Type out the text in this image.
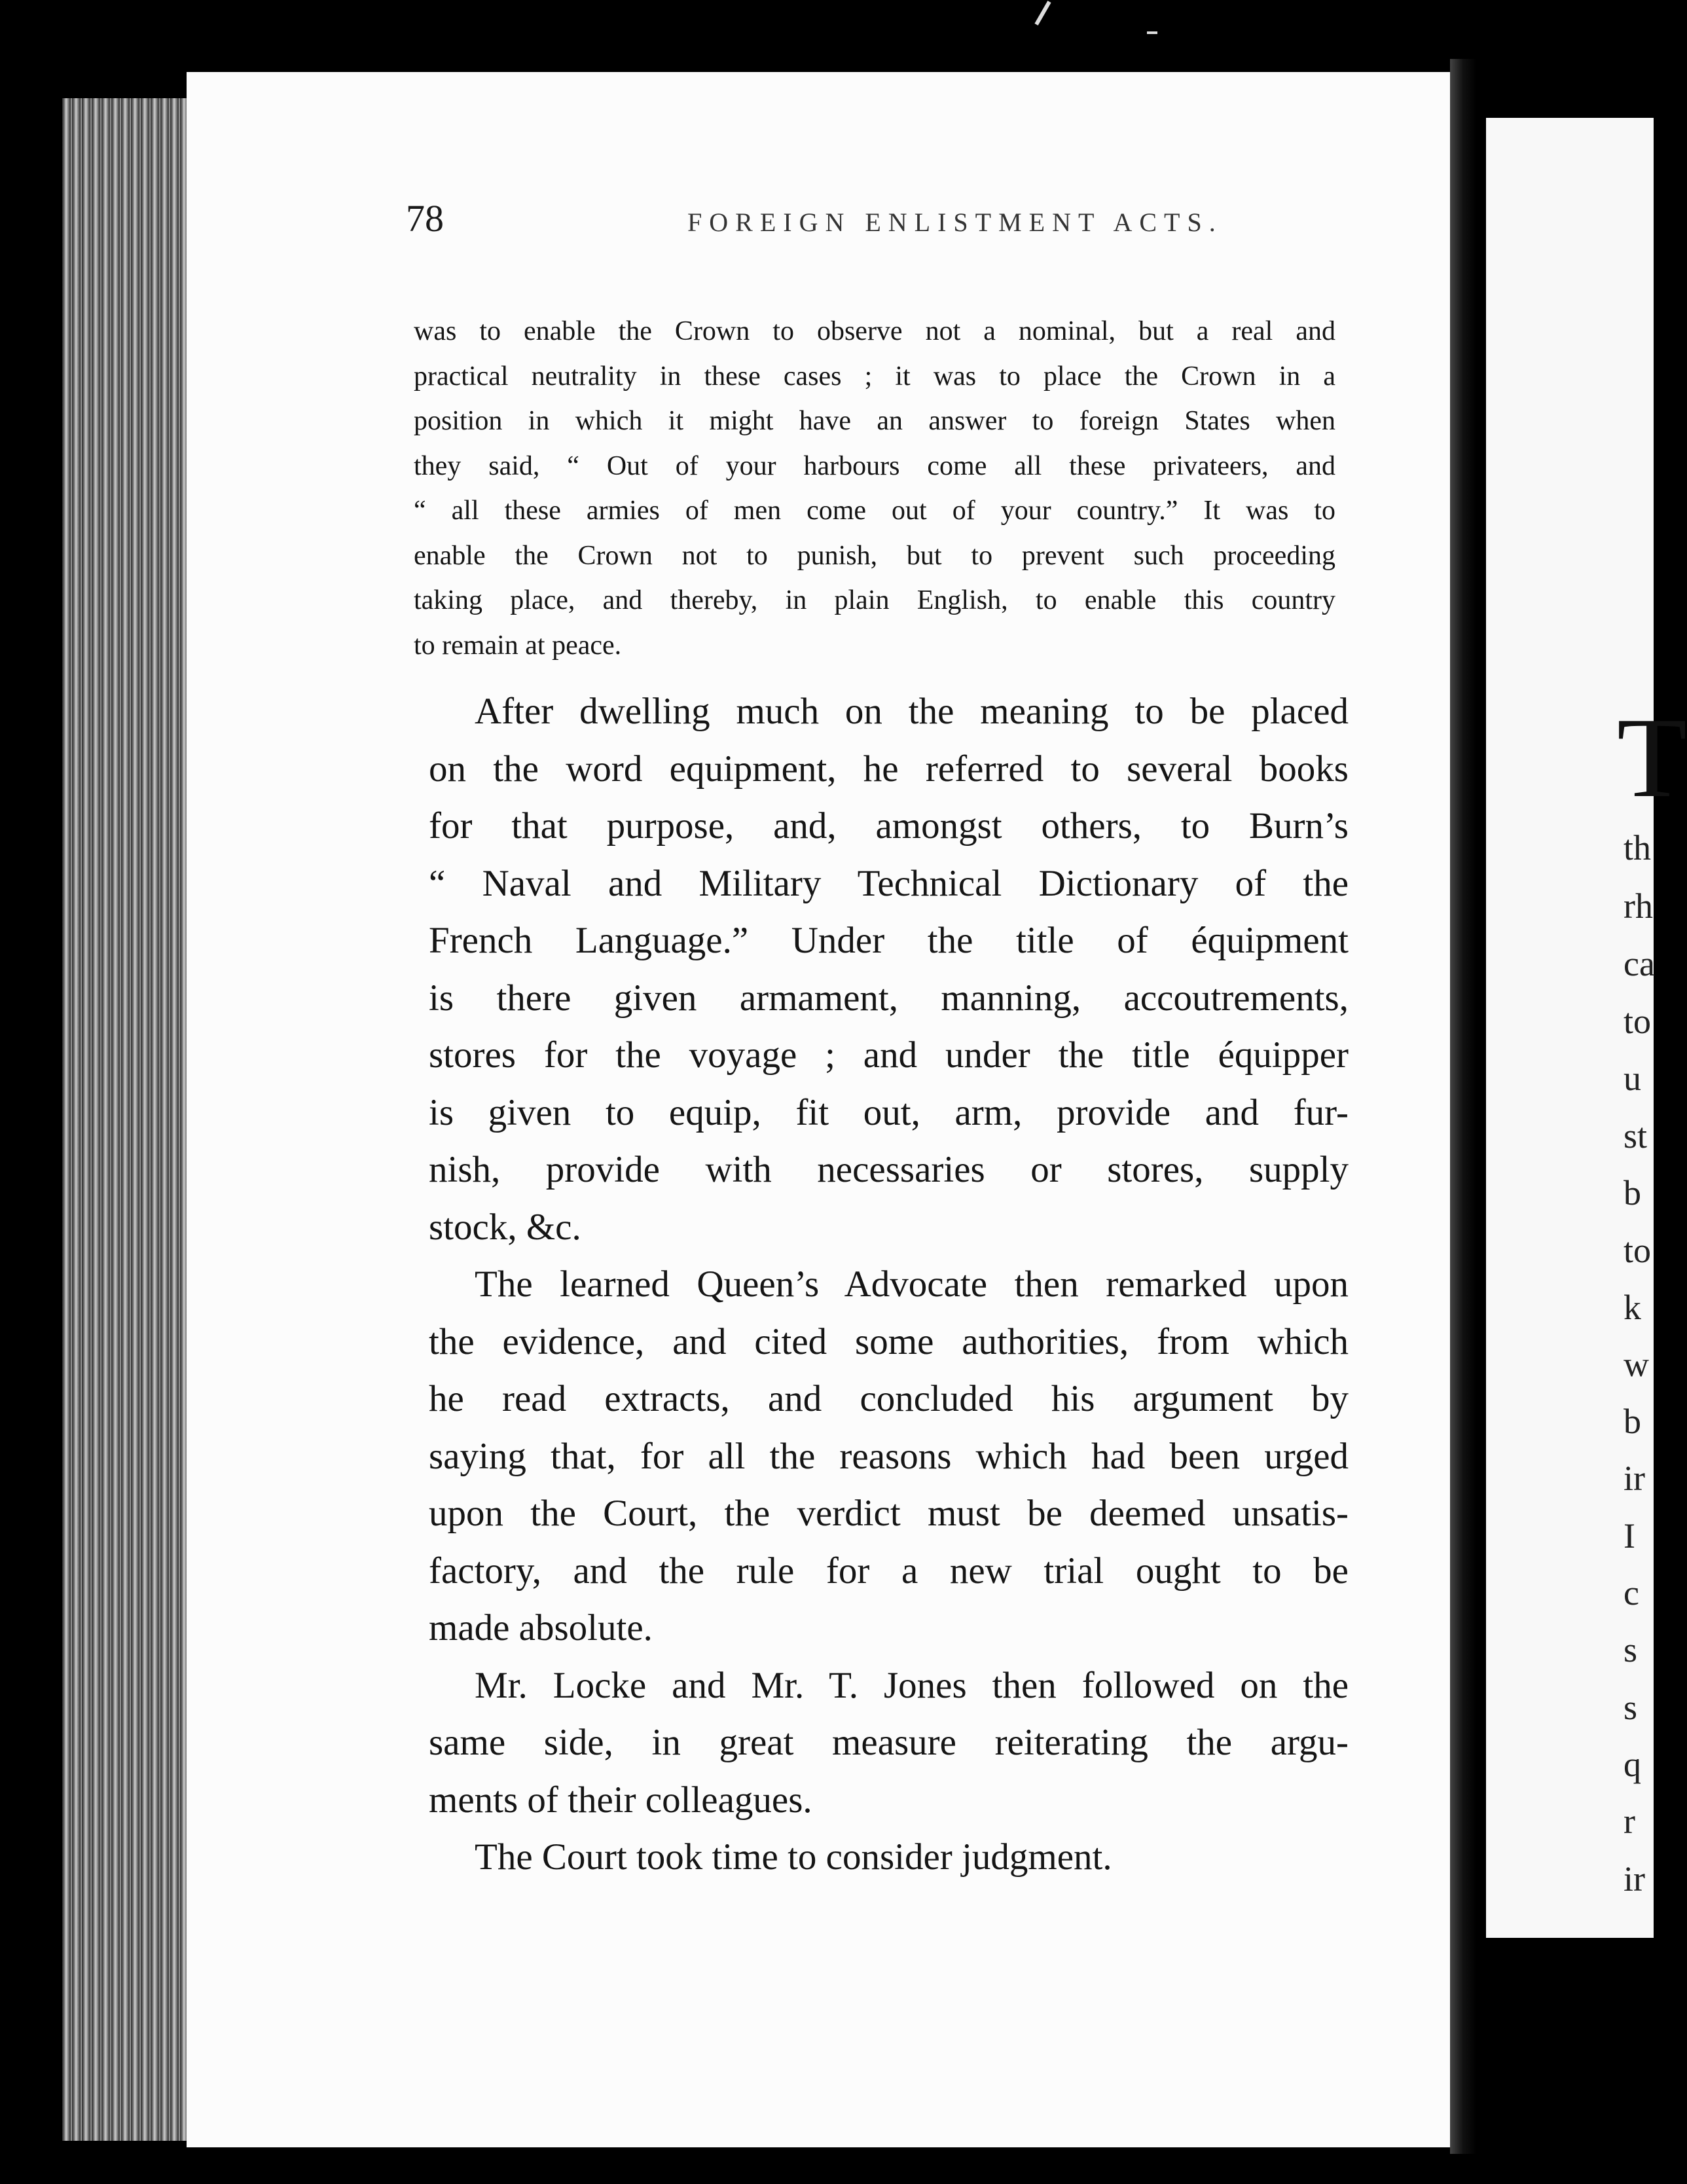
78	FOREIGN ENLISTMENT ACTS.
was to enable the Crown to observe not a nominal, but a real and
practical neutrality in these cases ; it was to place the Crown in a
position in which it might have an answer to foreign States when
they said, “ Out of your harbours come all these privateers, and
“ all these armies of men come out of your country.” It was to
enable the Crown not to punish, but to prevent such proceeding
taking place, and thereby, in plain English, to enable this country
to remain at peace.
After dwelling much on the meaning to be placed
on the word equipment, he referred to several books
for that purpose, and, amongst others, to Burn’s
“ Naval and Military Technical Dictionary of the
French Language.” Under the title of équipment
is there given armament, manning, accoutrements,
stores for the voyage ; and under the title équipper
is given to equip, fit out, arm, provide and fur-
nish, provide with necessaries or stores, supply
stock, &c.
The learned Queen’s Advocate then remarked upon
the evidence, and cited some authorities, from which
he read extracts, and concluded his argument by
saying that, for all the reasons which had been urged
upon the Court, the verdict must be deemed unsatis-
factory, and the rule for a new trial ought to be
made absolute.
Mr. Locke and Mr. T. Jones then followed on the
same side, in great measure reiterating the argu-
ments of their colleagues.
The Court took time to consider judgment.
T
th
rh
ca
to
u
st
b
to
k
w
b
ir
I
c
s
s
q
r
ir
